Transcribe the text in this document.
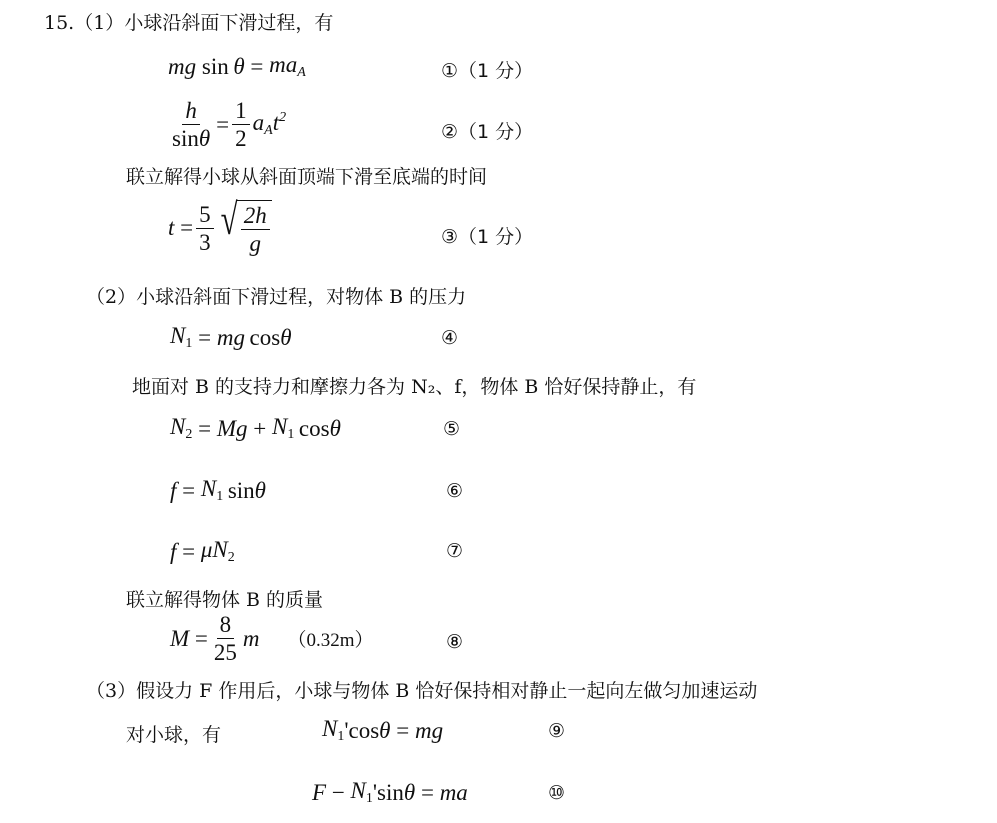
15.（1）小球沿斜面下滑过程，有
mg sin
  θ
=
$ma_A$	①（1 分）
$\frac{h}{\sin\theta} = \frac{1}{2} a_At^2$
②（1 分）
联立解得小球从斜面顶端下滑至底端的时间
t
= $\frac{5}{3}$ √ $\frac{2h}{g}$	③（1 分）
（2）小球沿斜面下滑过程，对物体 B 的压力
$N_1$
=
mg  cos θ	④
地面对 B 的支持力和摩擦力各为 N₂、f，物体 B 恰好保持静止，有
$N_2$
=
Mg
+
$N_1$  cos θ	⑤
f
=
$N_1$  sin θ	⑥
f
=
$\mu N_2$	⑦
联立解得物体 B 的质量
M
= $\frac{8}{25}$ m （0.32m）	⑧
（3）假设力 F 作用后，小球与物体 B 恰好保持相对静止一起向左做匀加速运动
对小球，有	$N_1$ 'cos θ
=
mg	⑨
F
−
$N_1$ 'sin θ
=
ma	⑩
